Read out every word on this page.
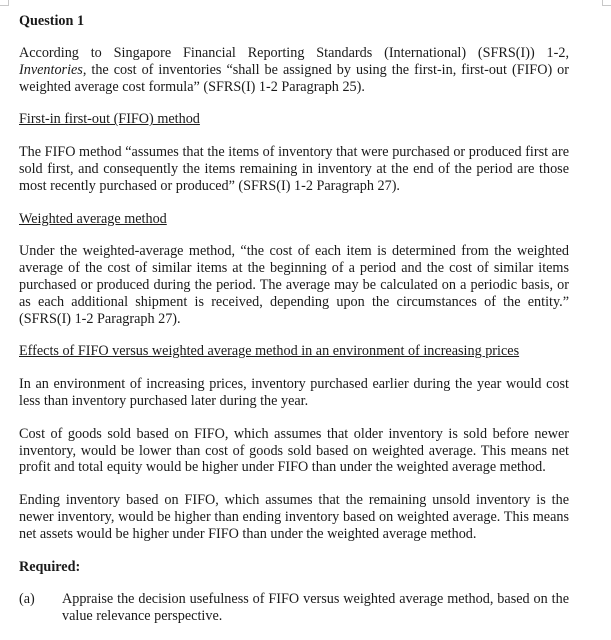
Question 1

According to Singapore Financial Reporting Standards (International) (SFRS(I)) 1-2, Inventories, the cost of inventories “shall be assigned by using the first-in, first-out (FIFO) or weighted average cost formula” (SFRS(I) 1-2 Paragraph 25).

First-in first-out (FIFO) method

The FIFO method “assumes that the items of inventory that were purchased or produced first are sold first, and consequently the items remaining in inventory at the end of the period are those most recently purchased or produced” (SFRS(I) 1-2 Paragraph 27).

Weighted average method

Under the weighted-average method, “the cost of each item is determined from the weighted average of the cost of similar items at the beginning of a period and the cost of similar items purchased or produced during the period. The average may be calculated on a periodic basis, or as each additional shipment is received, depending upon the circumstances of the entity.” (SFRS(I) 1-2 Paragraph 27).

Effects of FIFO versus weighted average method in an environment of increasing prices

In an environment of increasing prices, inventory purchased earlier during the year would cost less than inventory purchased later during the year.

Cost of goods sold based on FIFO, which assumes that older inventory is sold before newer inventory, would be lower than cost of goods sold based on weighted average. This means net profit and total equity would be higher under FIFO than under the weighted average method.

Ending inventory based on FIFO, which assumes that the remaining unsold inventory is the newer inventory, would be higher than ending inventory based on weighted average. This means net assets would be higher under FIFO than under the weighted average method.

Required:
(a)	Appraise the decision usefulness of FIFO versus weighted average method, based on the value relevance perspective.
